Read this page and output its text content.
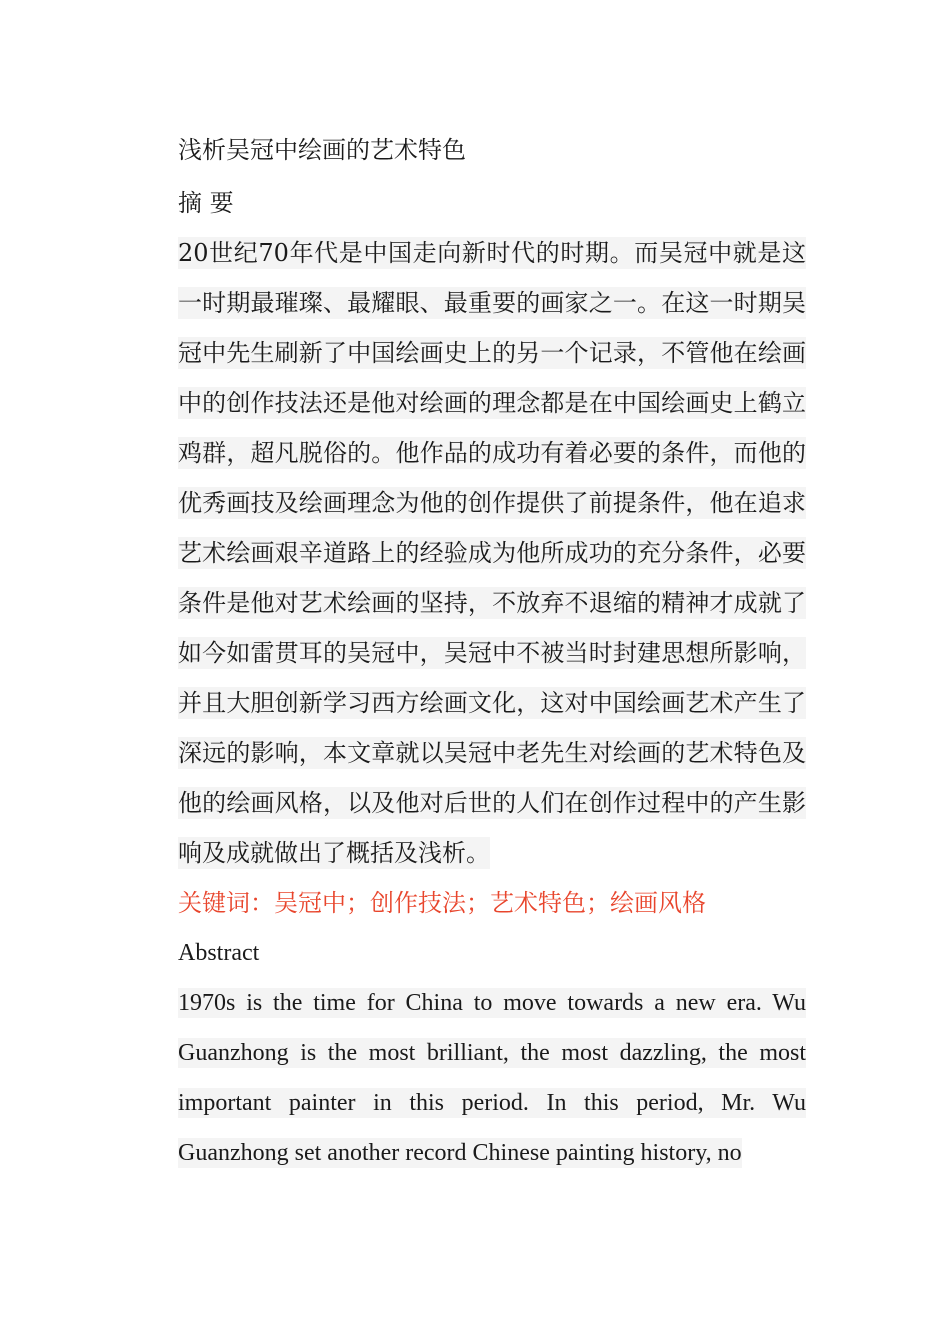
浅析吴冠中绘画的艺术特色

摘 要

20世纪70年代是中国走向新时代的时期。而吴冠中就是这一时期最璀璨、最耀眼、最重要的画家之一。在这一时期吴冠中先生刷新了中国绘画史上的另一个记录，不管他在绘画中的创作技法还是他对绘画的理念都是在中国绘画史上鹤立鸡群，超凡脱俗的。他作品的成功有着必要的条件，而他的优秀画技及绘画理念为他的创作提供了前提条件，他在追求艺术绘画艰辛道路上的经验成为他所成功的充分条件，必要条件是他对艺术绘画的坚持，不放弃不退缩的精神才成就了如今如雷贯耳的吴冠中，吴冠中不被当时封建思想所影响，并且大胆创新学习西方绘画文化，这对中国绘画艺术产生了深远的影响，本文章就以吴冠中老先生对绘画的艺术特色及他的绘画风格，以及他对后世的人们在创作过程中的产生影响及成就做出了概括及浅析。

关键词：吴冠中；创作技法；艺术特色；绘画风格

Abstract

1970s is the time for China to move towards a new era. Wu Guanzhong is the most brilliant, the most dazzling, the most important painter in this period. In this period, Mr. Wu Guanzhong set another record Chinese painting history, no
